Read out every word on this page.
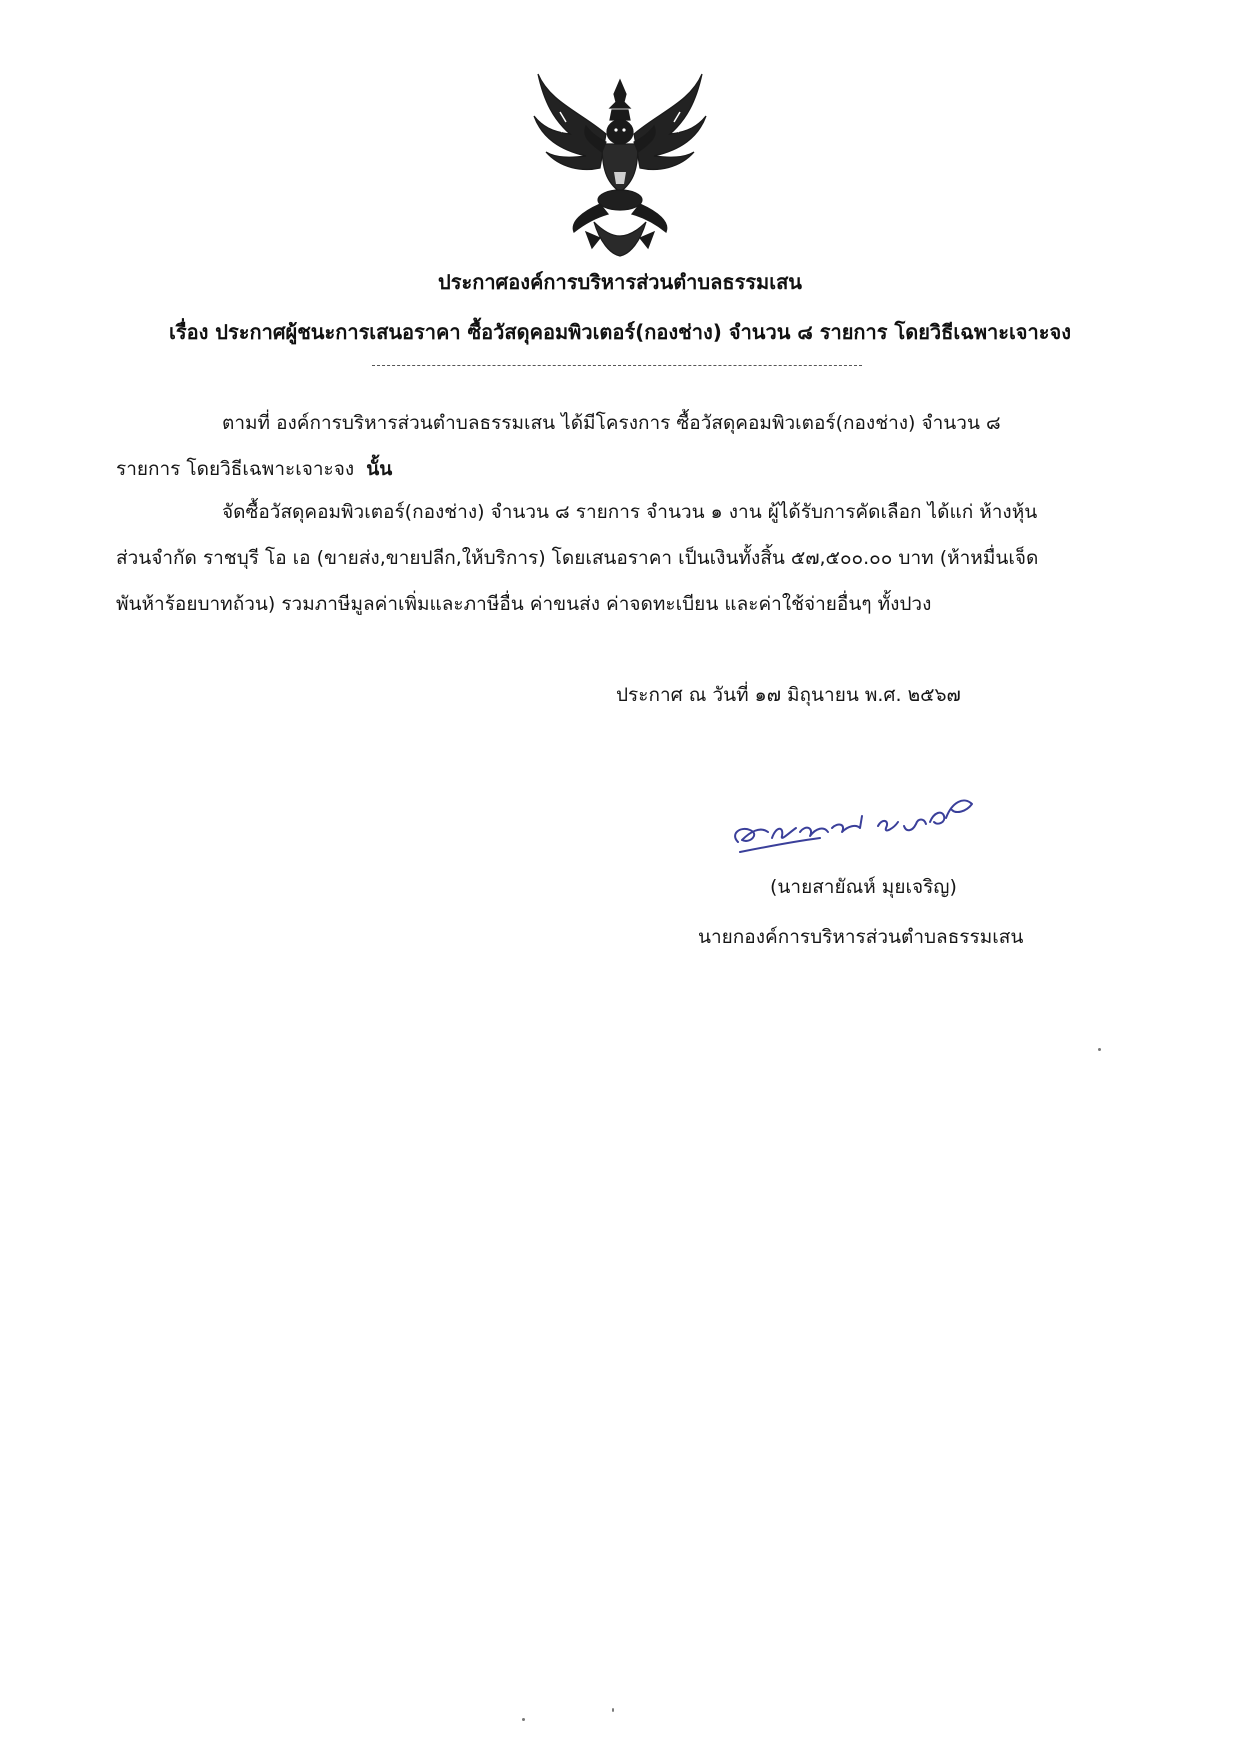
ประกาศองค์การบริหารส่วนตำบลธรรมเสน
เรื่อง ประกาศผู้ชนะการเสนอราคา ซื้อวัสดุคอมพิวเตอร์(กองช่าง) จำนวน ๘ รายการ โดยวิธีเฉพาะเจาะจง
ตามที่ องค์การบริหารส่วนตำบลธรรมเสน ได้มีโครงการ ซื้อวัสดุคอมพิวเตอร์(กองช่าง) จำนวน ๘
รายการ โดยวิธีเฉพาะเจาะจง นั้น
จัดซื้อวัสดุคอมพิวเตอร์(กองช่าง) จำนวน ๘ รายการ จำนวน ๑ งาน ผู้ได้รับการคัดเลือก ได้แก่ ห้างหุ้น
ส่วนจำกัด ราชบุรี โอ เอ (ขายส่ง,ขายปลีก,ให้บริการ) โดยเสนอราคา เป็นเงินทั้งสิ้น ๕๗,๕๐๐.๐๐ บาท (ห้าหมื่นเจ็ด
พันห้าร้อยบาทถ้วน) รวมภาษีมูลค่าเพิ่มและภาษีอื่น ค่าขนส่ง ค่าจดทะเบียน และค่าใช้จ่ายอื่นๆ ทั้งปวง
ประกาศ ณ วันที่ ๑๗ มิถุนายน พ.ศ. ๒๕๖๗
(นายสายัณห์ มุยเจริญ)
นายกองค์การบริหารส่วนตำบลธรรมเสน
